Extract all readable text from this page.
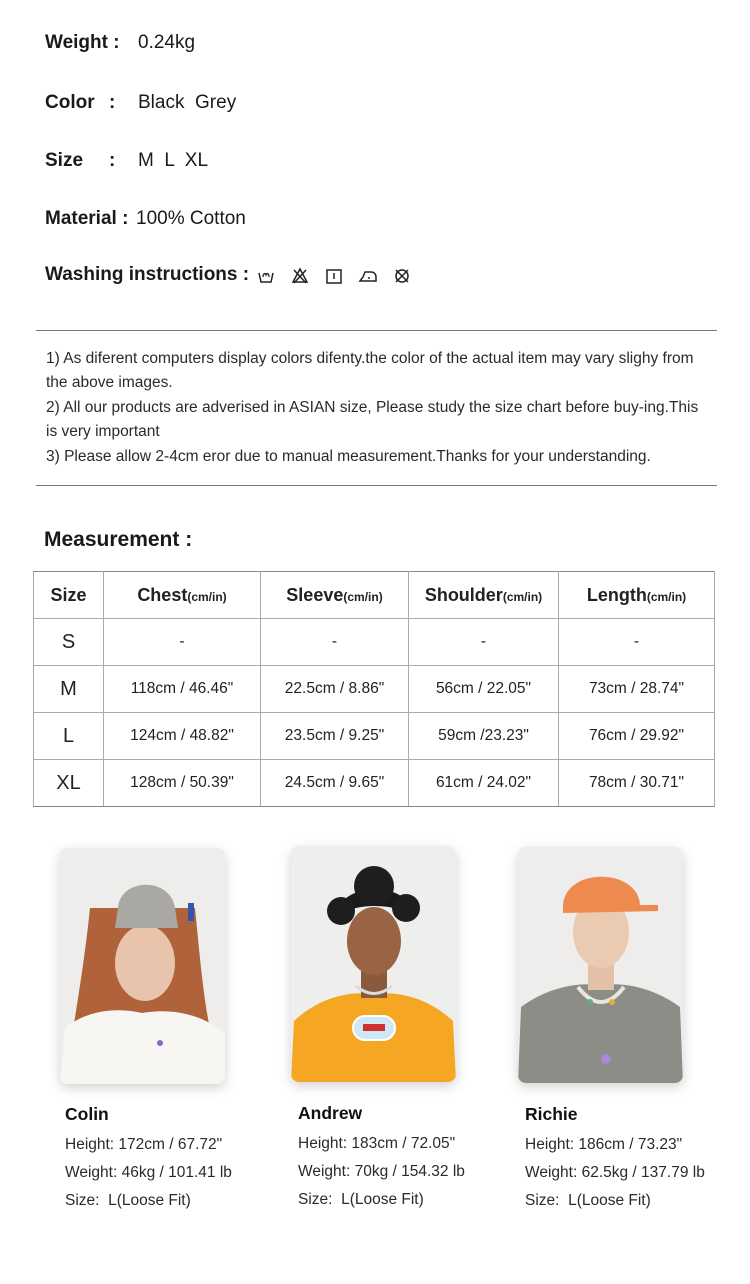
Weight : 0.24kg
Color : Black  Grey
Size : M  L  XL
Material : 100% Cotton
Washing instructions :

1) As diferent computers display colors difenty.the color of the actual item may vary slighy from the above images.

2) All our products are adverised in ASIAN size, Please study the size chart before buy-ing.This is very important

3) Please allow 2-4cm eror due to manual measurement.Thanks for your understanding.

Measurement :
Size	Chest(cm/in)	Sleeve(cm/in)	Shoulder(cm/in)	Length(cm/in)
S	-	-	-	-
M	118cm / 46.46"	22.5cm / 8.86"	56cm / 22.05"	73cm / 28.74"
L	124cm / 48.82"	23.5cm / 9.25"	59cm /23.23"	76cm / 29.92"
XL	128cm / 50.39"	24.5cm / 9.65"	61cm / 24.02"	78cm / 30.71"
Colin
Height: 172cm / 67.72"
Weight: 46kg / 101.41 lb
Size:  L(Loose Fit)
Andrew
Height: 183cm / 72.05"
Weight: 70kg / 154.32 lb
Size:  L(Loose Fit)
Richie
Height: 186cm / 73.23"
Weight: 62.5kg / 137.79 lb
Size:  L(Loose Fit)
